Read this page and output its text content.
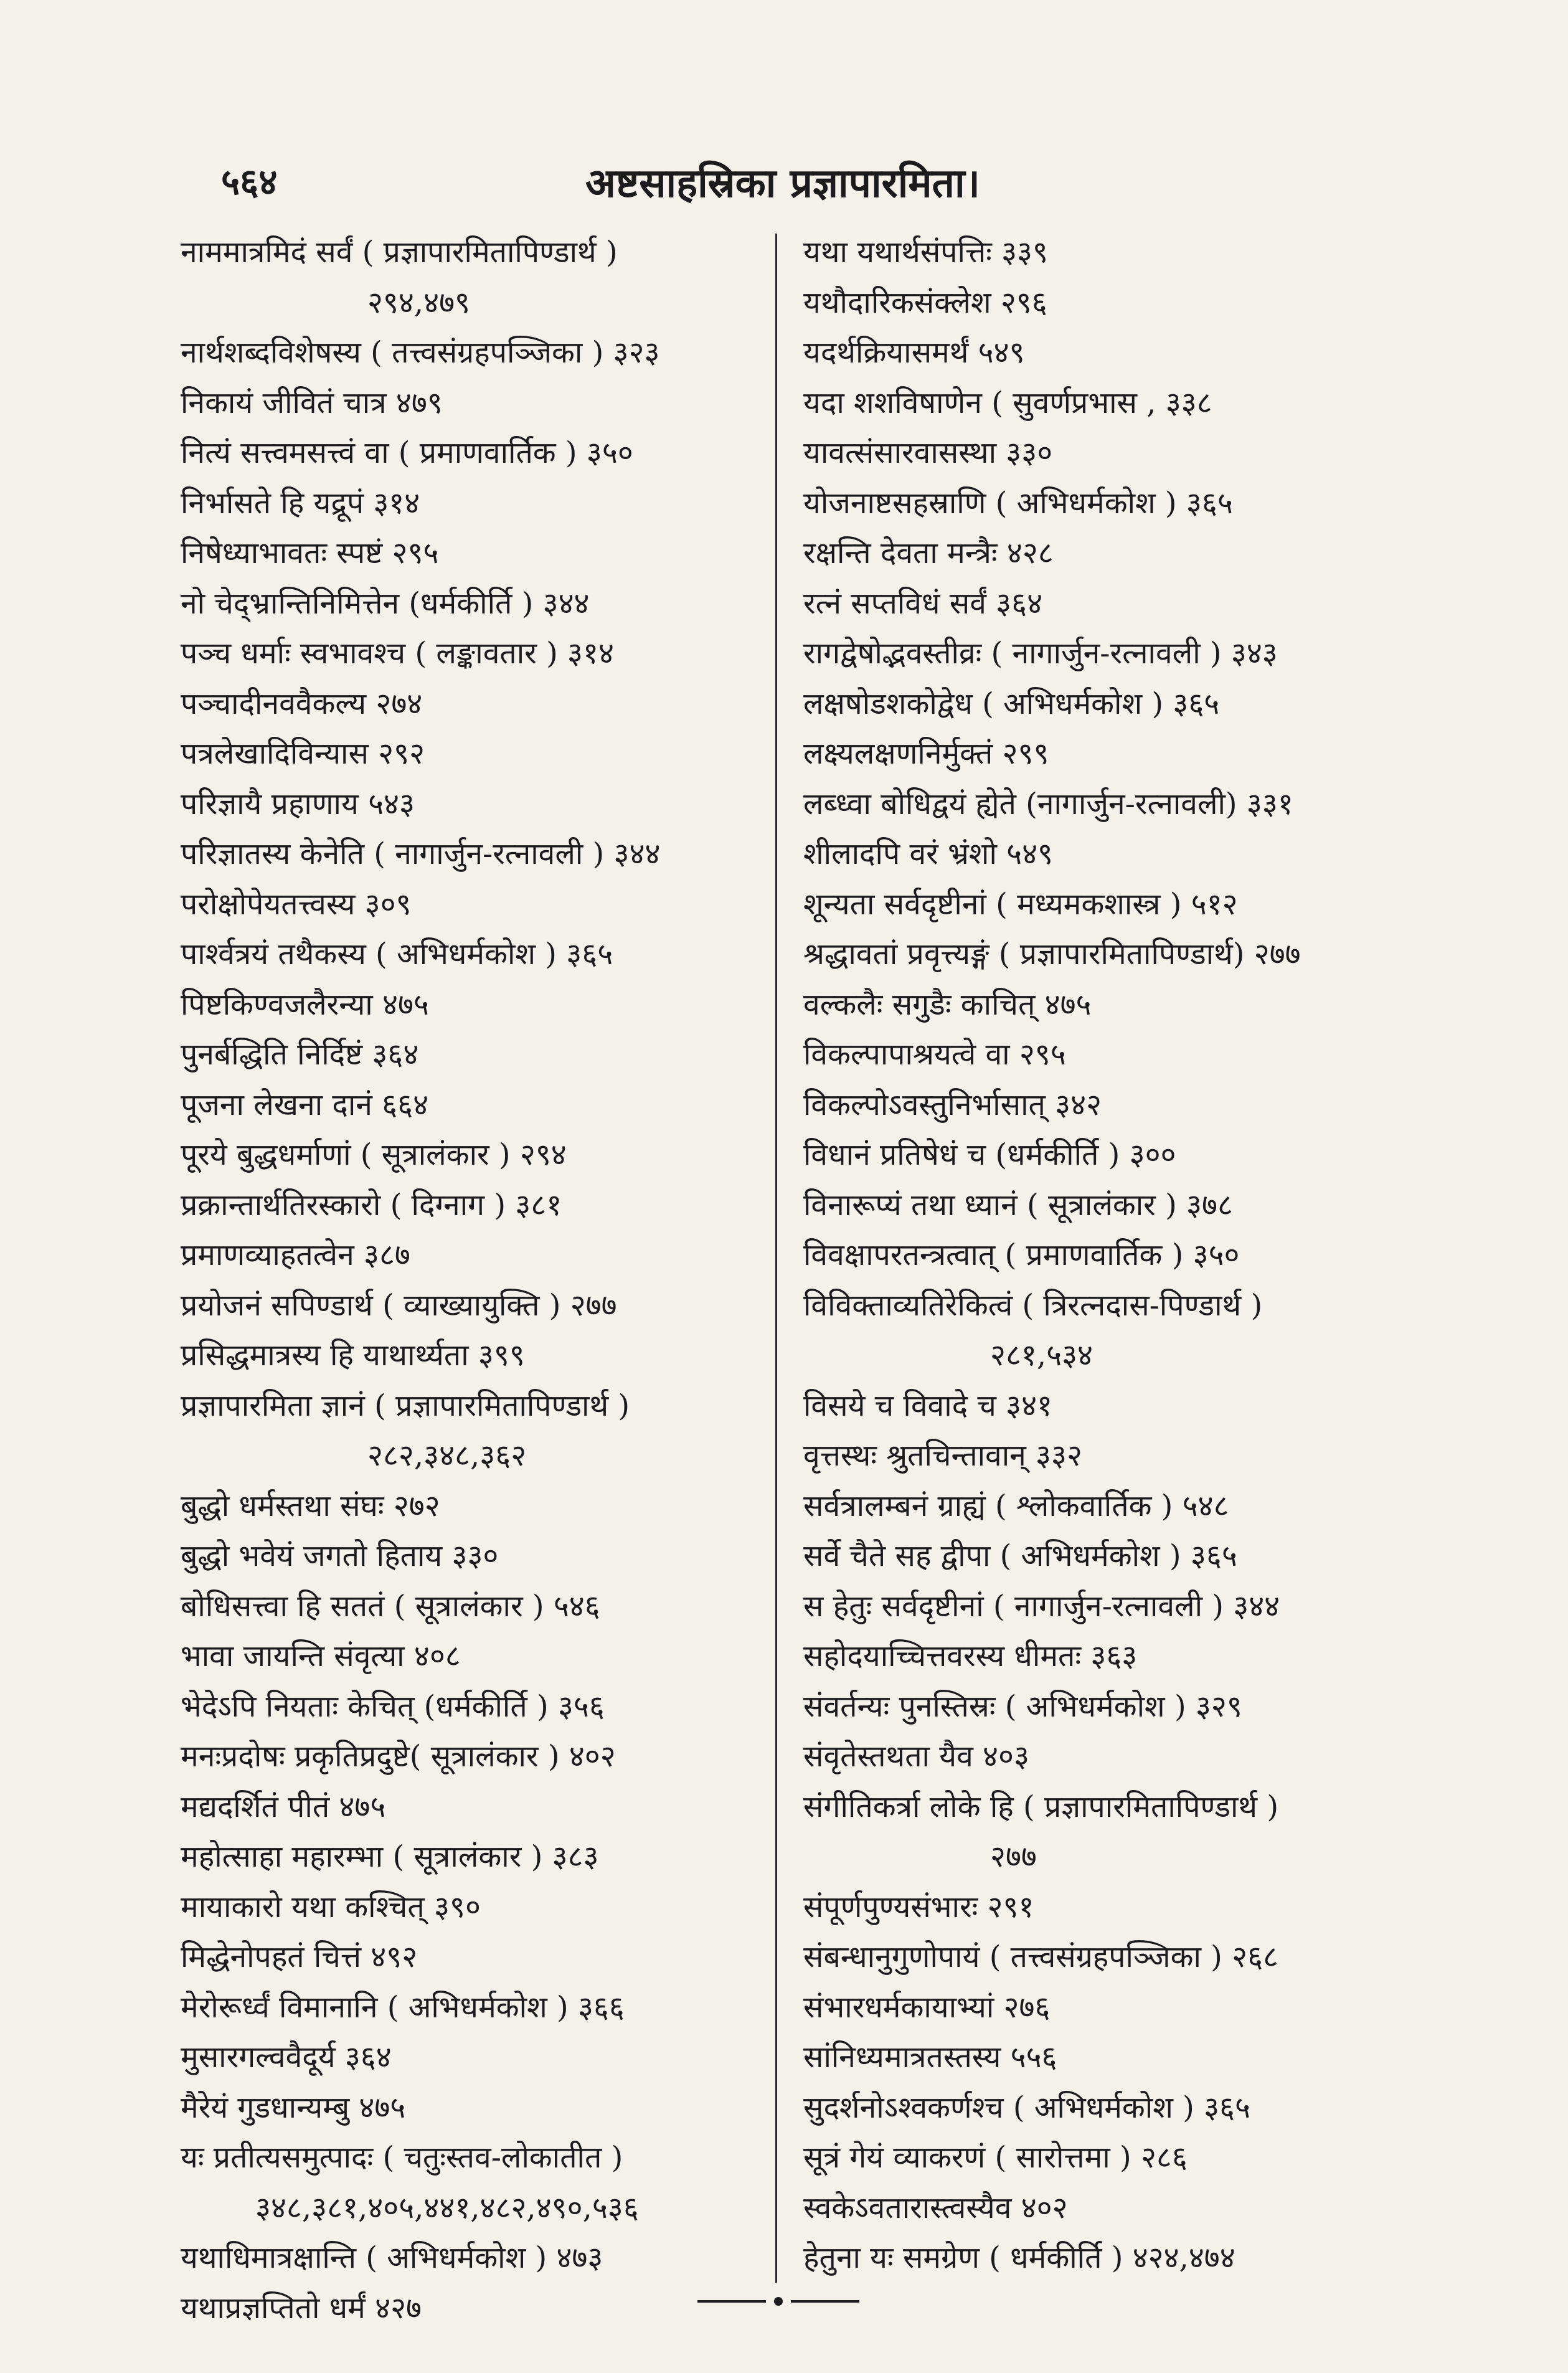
५६४	अष्टसाहस्रिका प्रज्ञापारमिता।
नाममात्रमिदं सर्वं ( प्रज्ञापारमितापिण्डार्थ )
२९४,४७९
नार्थशब्दविशेषस्य ( तत्त्वसंग्रहपञ्जिका ) ३२३
निकायं जीवितं चात्र ४७९
नित्यं सत्त्वमसत्त्वं वा ( प्रमाणवार्तिक ) ३५०
निर्भासते हि यद्रूपं ३१४
निषेध्याभावतः स्पष्टं २९५
नो चेद्भ्रान्तिनिमित्तेन (धर्मकीर्ति ) ३४४
पञ्च धर्माः स्वभावश्च ( लङ्कावतार ) ३१४
पञ्चादीनववैकल्य २७४
पत्रलेखादिविन्यास २९२
परिज्ञायै प्रहाणाय ५४३
परिज्ञातस्य केनेति ( नागार्जुन-रत्नावली ) ३४४
परोक्षोपेयतत्त्वस्य ३०९
पार्श्वत्रयं तथैकस्य ( अभिधर्मकोश ) ३६५
पिष्टकिण्वजलैरन्या ४७५
पुनर्बद्धिति निर्दिष्टं ३६४
पूजना लेखना दानं ६६४
पूरये बुद्धधर्माणां ( सूत्रालंकार ) २९४
प्रक्रान्तार्थतिरस्कारो ( दिग्नाग ) ३८१
प्रमाणव्याहतत्वेन ३८७
प्रयोजनं सपिण्डार्थ ( व्याख्यायुक्ति ) २७७
प्रसिद्धमात्रस्य हि याथार्थ्यता ३९९
प्रज्ञापारमिता ज्ञानं ( प्रज्ञापारमितापिण्डार्थ )
२८२,३४८,३६२
बुद्धो धर्मस्तथा संघः २७२
बुद्धो भवेयं जगतो हिताय ३३०
बोधिसत्त्वा हि सततं ( सूत्रालंकार ) ५४६
भावा जायन्ति संवृत्या ४०८
भेदेऽपि नियताः केचित् (धर्मकीर्ति ) ३५६
मनःप्रदोषः प्रकृतिप्रदुष्टे( सूत्रालंकार ) ४०२
मद्यदर्शितं पीतं ४७५
महोत्साहा महारम्भा ( सूत्रालंकार ) ३८३
मायाकारो यथा कश्चित् ३९०
मिद्धेनोपहतं चित्तं ४९२
मेरोरूर्ध्वं विमानानि ( अभिधर्मकोश ) ३६६
मुसारगल्ववैदूर्य ३६४
मैरेयं गुडधान्यम्बु ४७५
यः प्रतीत्यसमुत्पादः ( चतुःस्तव-लोकातीत )
३४८,३८१,४०५,४४१,४८२,४९०,५३६
यथाधिमात्रक्षान्ति ( अभिधर्मकोश ) ४७३
यथाप्रज्ञप्तितो धर्मं ४२७
यथा यथार्थसंपत्तिः ३३९
यथौदारिकसंक्लेश २९६
यदर्थक्रियासमर्थं ५४९
यदा शशविषाणेन ( सुवर्णप्रभास , ३३८
यावत्संसारवासस्था ३३०
योजनाष्टसहस्राणि ( अभिधर्मकोश ) ३६५
रक्षन्ति देवता मन्त्रैः ४२८
रत्नं सप्तविधं सर्वं ३६४
रागद्वेषोद्भवस्तीव्रः ( नागार्जुन-रत्नावली ) ३४३
लक्षषोडशकोद्वेध ( अभिधर्मकोश ) ३६५
लक्ष्यलक्षणनिर्मुक्तं २९९
लब्ध्वा बोधिद्वयं ह्येते (नागार्जुन-रत्नावली) ३३१
शीलादपि वरं भ्रंशो ५४९
शून्यता सर्वदृष्टीनां ( मध्यमकशास्त्र ) ५१२
श्रद्धावतां प्रवृत्त्यङ्गं ( प्रज्ञापारमितापिण्डार्थ) २७७
वल्कलैः सगुडैः काचित् ४७५
विकल्पापाश्रयत्वे वा २९५
विकल्पोऽवस्तुनिर्भासात् ३४२
विधानं प्रतिषेधं च (धर्मकीर्ति ) ३००
विनारूप्यं तथा ध्यानं ( सूत्रालंकार ) ३७८
विवक्षापरतन्त्रत्वात् ( प्रमाणवार्तिक ) ३५०
विविक्ताव्यतिरेकित्वं ( त्रिरत्नदास-पिण्डार्थ )
२८१,५३४
विसये च विवादे च ३४१
वृत्तस्थः श्रुतचिन्तावान् ३३२
सर्वत्रालम्बनं ग्राह्यं ( श्लोकवार्तिक ) ५४८
सर्वे चैते सह द्वीपा ( अभिधर्मकोश ) ३६५
स हेतुः सर्वदृष्टीनां ( नागार्जुन-रत्नावली ) ३४४
सहोदयाच्चित्तवरस्य धीमतः ३६३
संवर्तन्यः पुनस्तिस्रः ( अभिधर्मकोश ) ३२९
संवृतेस्तथता यैव ४०३
संगीतिकर्त्रा लोके हि ( प्रज्ञापारमितापिण्डार्थ )
२७७
संपूर्णपुण्यसंभारः २९१
संबन्धानुगुणोपायं ( तत्त्वसंग्रहपञ्जिका ) २६८
संभारधर्मकायाभ्यां २७६
सांनिध्यमात्रतस्तस्य ५५६
सुदर्शनोऽश्वकर्णश्च ( अभिधर्मकोश ) ३६५
सूत्रं गेयं व्याकरणं ( सारोत्तमा ) २८६
स्वकेऽवतारास्त्वस्यैव ४०२
हेतुना यः समग्रेण ( धर्मकीर्ति ) ४२४,४७४
